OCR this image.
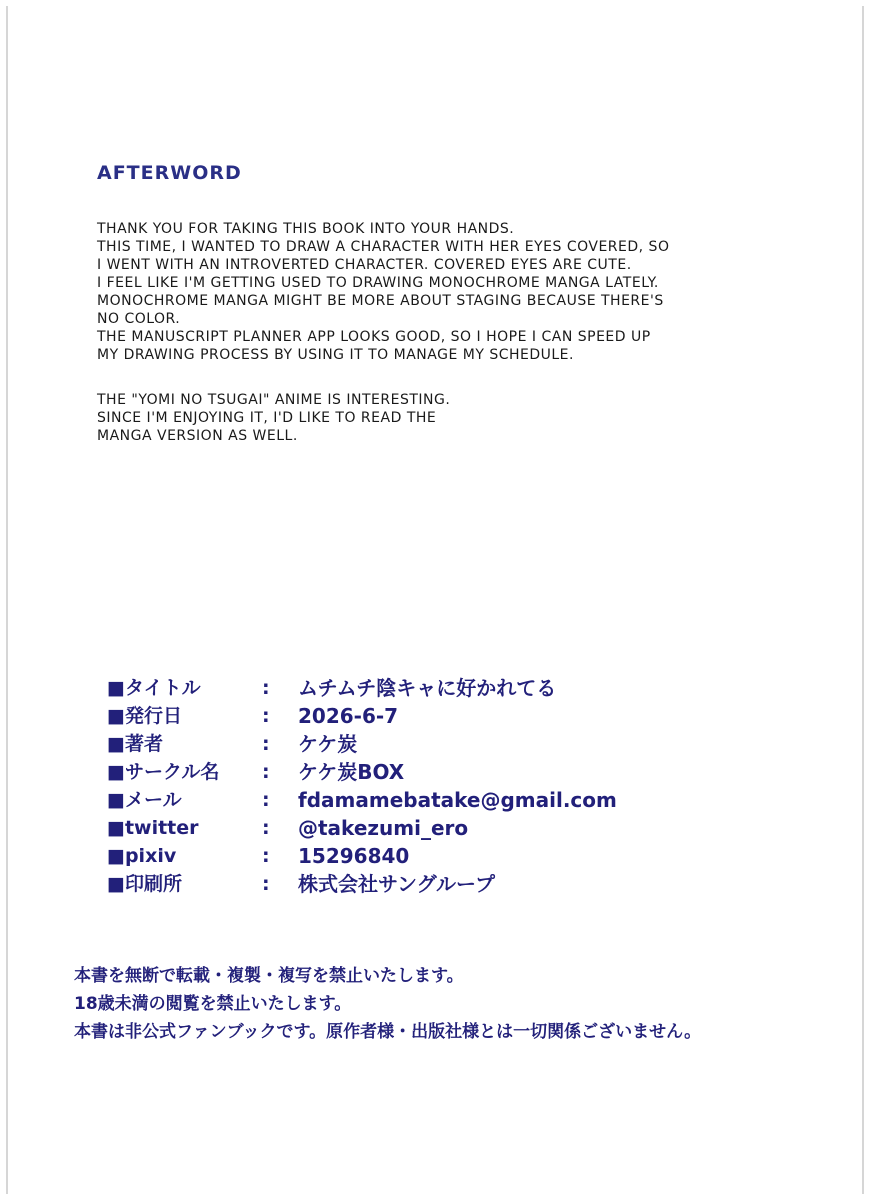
AFTERWORD
THANK YOU FOR TAKING THIS BOOK INTO YOUR HANDS.
THIS TIME, I WANTED TO DRAW A CHARACTER WITH HER EYES COVERED, SO
I WENT WITH AN INTROVERTED CHARACTER. COVERED EYES ARE CUTE.
I FEEL LIKE I'M GETTING USED TO DRAWING MONOCHROME MANGA LATELY.
MONOCHROME MANGA MIGHT BE MORE ABOUT STAGING BECAUSE THERE'S
NO COLOR.
THE MANUSCRIPT PLANNER APP LOOKS GOOD, SO I HOPE I CAN SPEED UP
MY DRAWING PROCESS BY USING IT TO MANAGE MY SCHEDULE.
THE "YOMI NO TSUGAI" ANIME IS INTERESTING.
SINCE I'M ENJOYING IT, I'D LIKE TO READ THE
MANGA VERSION AS WELL.
■タイトル	: ムチムチ陰キャに好かれてる
■発行日	: 2026-6-7
■著者	: ケケ炭
■サークル名 : ケケ炭BOX
■メール	: fdamamebatake@gmail.com
■twitter	: @takezumi_ero
■pixiv	: 15296840
■印刷所	: 株式会社サングループ
本書を無断で転載・複製・複写を禁止いたします。
18歳未満の閲覧を禁止いたします。
本書は非公式ファンブックです。原作者様・出版社様とは一切関係ございません。
